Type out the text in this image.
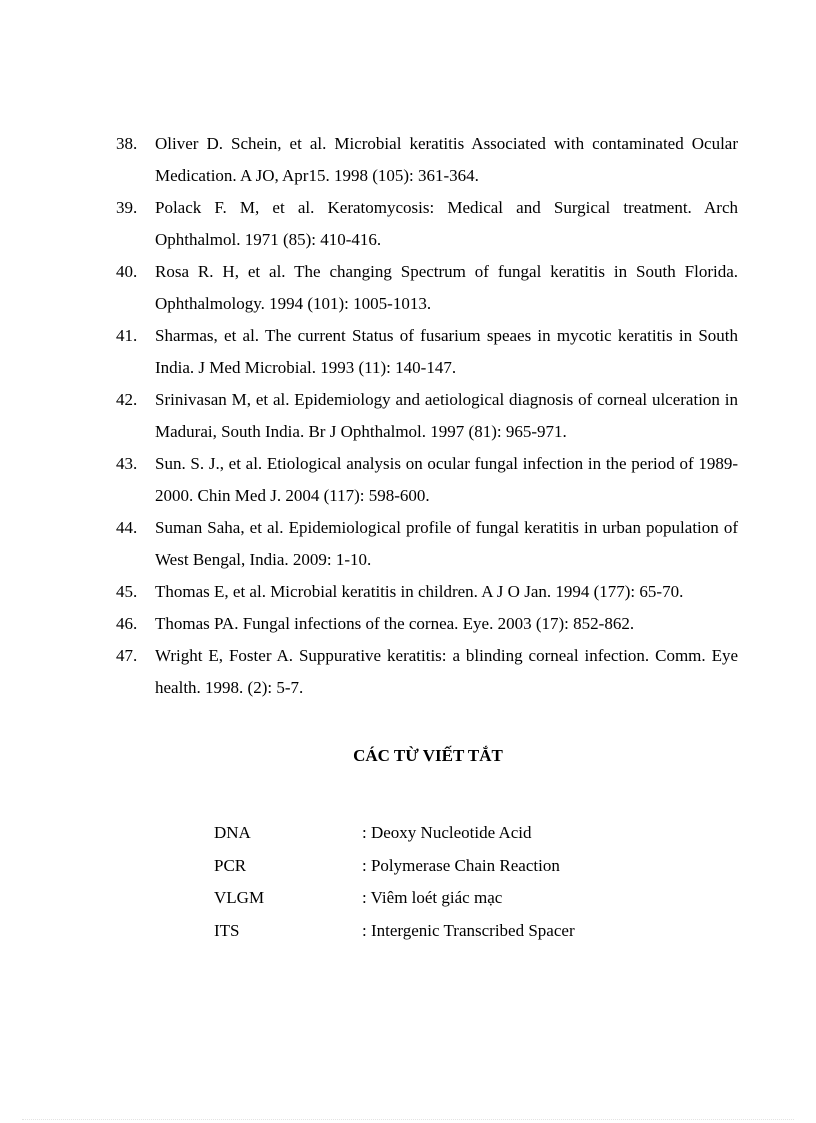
38.	Oliver D. Schein, et al. Microbial keratitis Associated with contaminated Ocular Medication. A JO, Apr15. 1998 (105): 361-364.
39.	Polack F. M, et al. Keratomycosis: Medical and Surgical treatment. Arch Ophthalmol. 1971 (85): 410-416.
40.	Rosa R. H, et al. The changing Spectrum of fungal keratitis in South Florida. Ophthalmology. 1994 (101): 1005-1013.
41.	Sharmas, et al. The current Status of fusarium speaes in mycotic keratitis in South India. J Med Microbial. 1993 (11): 140-147.
42.	Srinivasan M, et al. Epidemiology and aetiological diagnosis of corneal ulceration in Madurai, South India. Br J Ophthalmol. 1997 (81): 965-971.
43.	Sun. S. J., et al. Etiological analysis on ocular fungal infection in the period of 1989-2000. Chin Med J. 2004 (117): 598-600.
44.	Suman Saha, et al. Epidemiological profile of fungal keratitis in urban population of West Bengal, India. 2009: 1-10.
45.	Thomas E, et al. Microbial keratitis in children. A J O Jan. 1994 (177): 65-70.
46.	Thomas PA. Fungal infections of the cornea. Eye. 2003 (17): 852-862.
47.	Wright E, Foster A. Suppurative keratitis: a blinding corneal infection. Comm. Eye health. 1998. (2): 5-7.
CÁC TỪ VIẾT TẮT
DNA	: Deoxy Nucleotide Acid
PCR	: Polymerase Chain Reaction
VLGM	: Viêm loét giác mạc
ITS	: Intergenic Transcribed Spacer
